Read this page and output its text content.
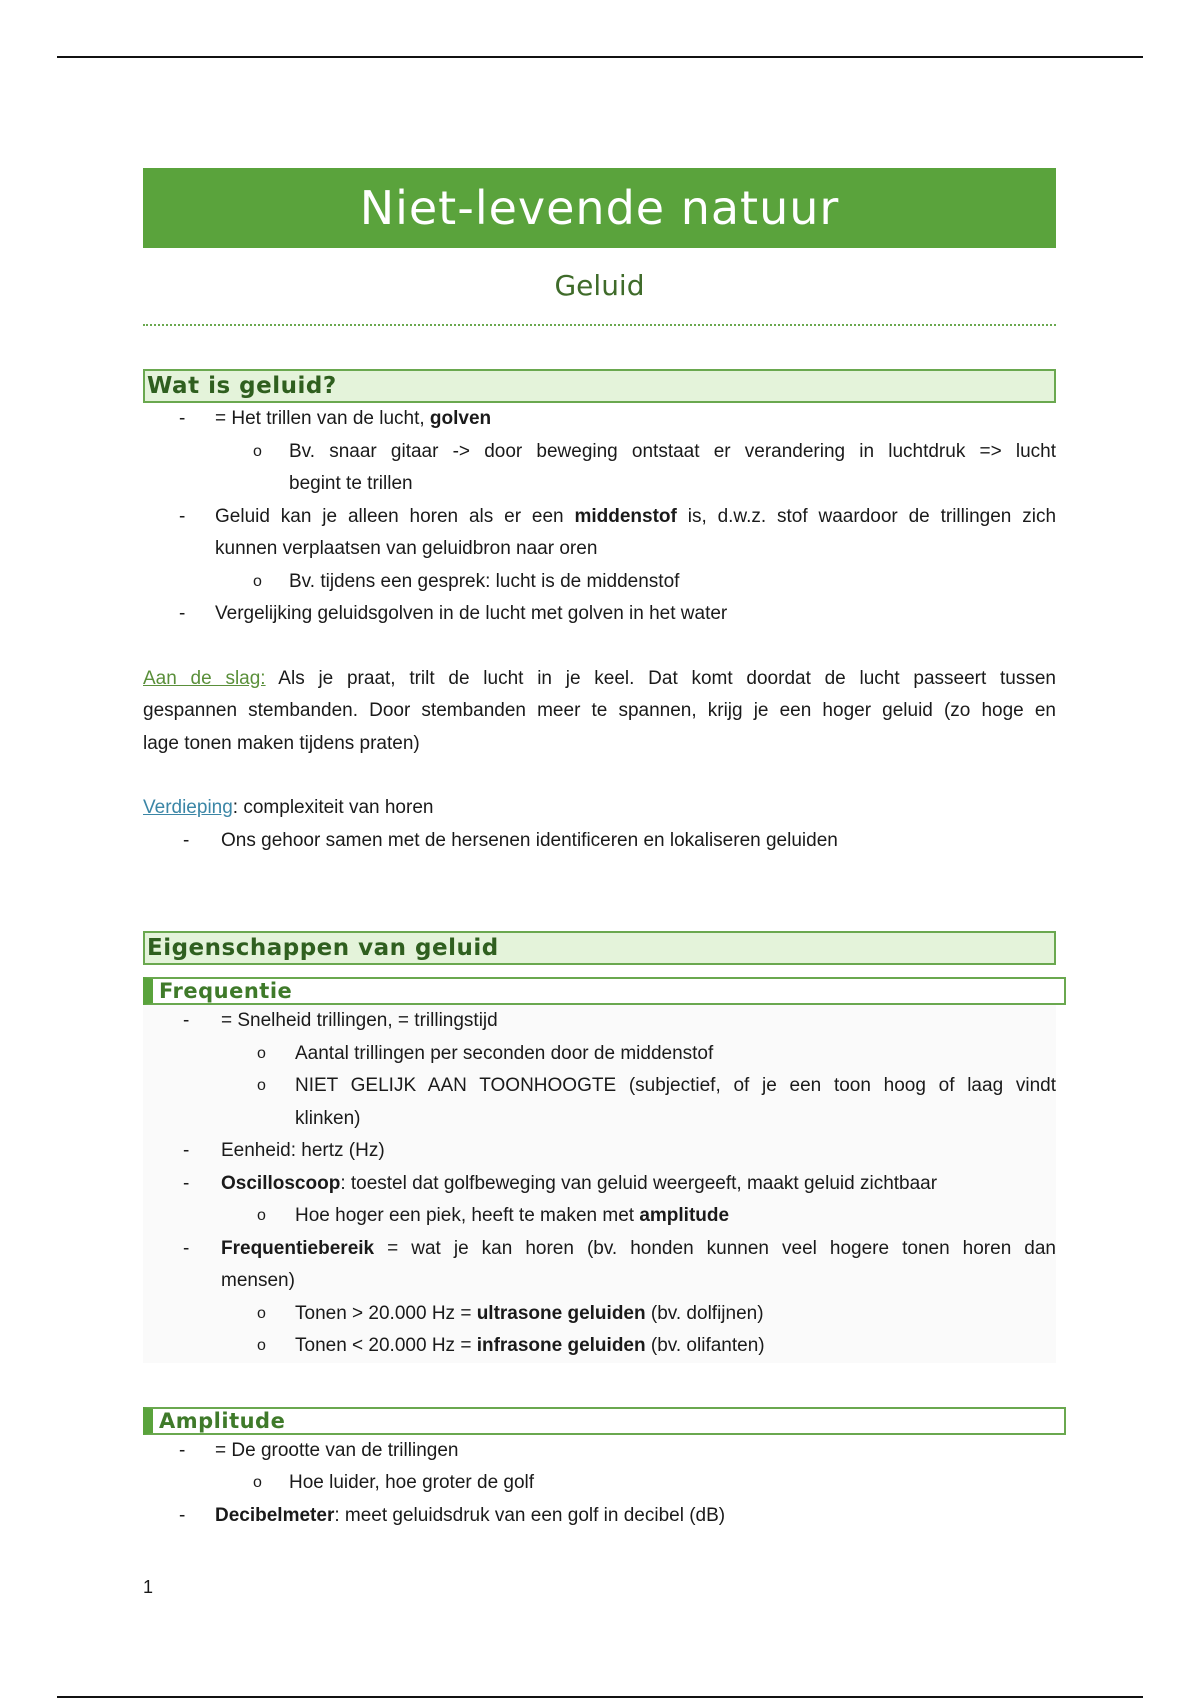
Niet-levende natuur
Geluid
Wat is geluid?
- = Het trillen van de lucht, golven
o Bv. snaar gitaar -> door beweging ontstaat er verandering in luchtdruk => lucht
begint te trillen
- Geluid kan je alleen horen als er een middenstof is, d.w.z. stof waardoor de trillingen zich
kunnen verplaatsen van geluidbron naar oren
o Bv. tijdens een gesprek: lucht is de middenstof
- Vergelijking geluidsgolven in de lucht met golven in het water
Aan de slag: Als je praat, trilt de lucht in je keel. Dat komt doordat de lucht passeert tussen
gespannen stembanden. Door stembanden meer te spannen, krijg je een hoger geluid (zo hoge en
lage tonen maken tijdens praten)
Verdieping: complexiteit van horen
- Ons gehoor samen met de hersenen identificeren en lokaliseren geluiden
Eigenschappen van geluid
Frequentie
- = Snelheid trillingen, = trillingstijd
o Aantal trillingen per seconden door de middenstof
o NIET GELIJK AAN TOONHOOGTE (subjectief, of je een toon hoog of laag vindt
klinken)
- Eenheid: hertz (Hz)
- Oscilloscoop: toestel dat golfbeweging van geluid weergeeft, maakt geluid zichtbaar
o Hoe hoger een piek, heeft te maken met amplitude
- Frequentiebereik = wat je kan horen (bv. honden kunnen veel hogere tonen horen dan
mensen)
o Tonen > 20.000 Hz = ultrasone geluiden (bv. dolfijnen)
o Tonen < 20.000 Hz = infrasone geluiden (bv. olifanten)
Amplitude
- = De grootte van de trillingen
o Hoe luider, hoe groter de golf
- Decibelmeter: meet geluidsdruk van een golf in decibel (dB)
1
